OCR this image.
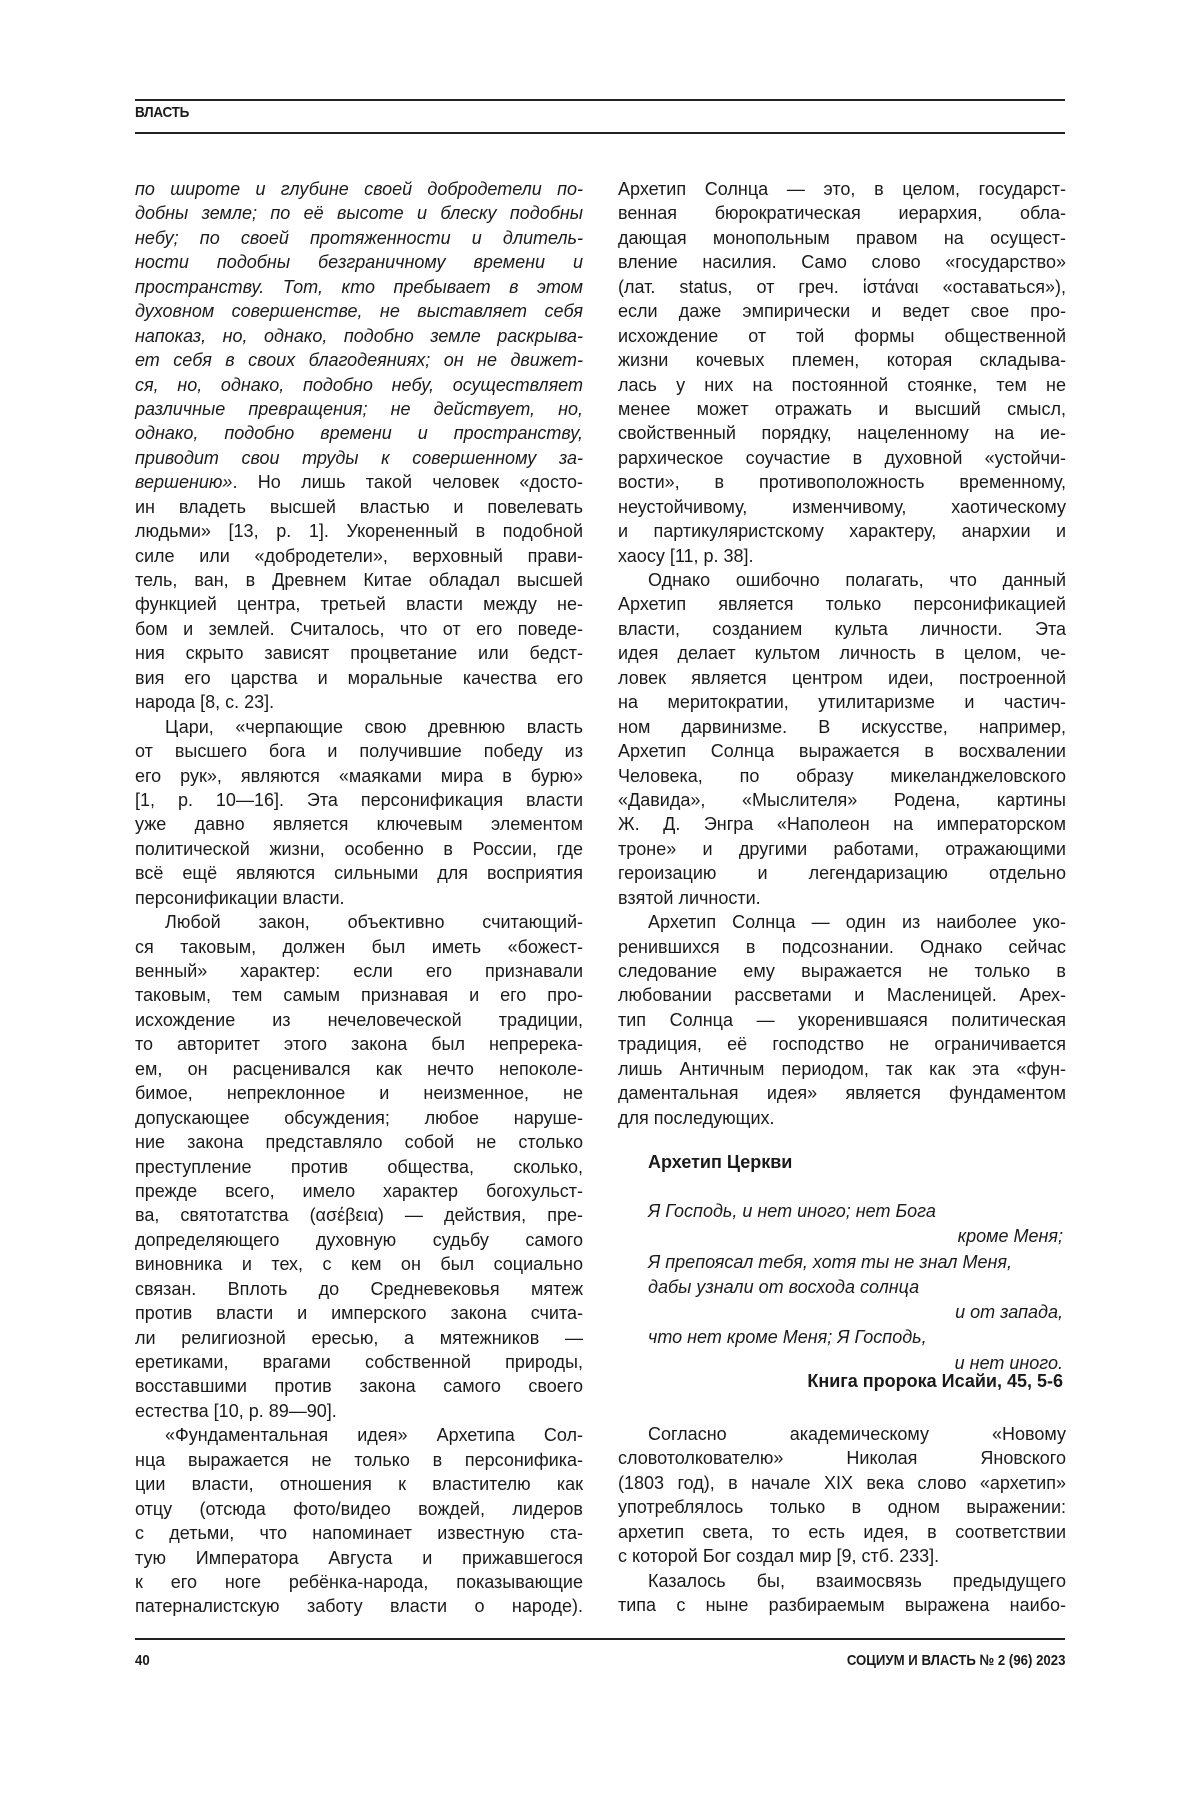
ВЛАСТЬ
по широте и глубине своей добродетели по-
добны земле; по её высоте и блеску подобны
небу; по своей протяженности и длитель-
ности подобны безграничному времени и
пространству. Тот, кто пребывает в этом
духовном совершенстве, не выставляет себя
напоказ, но, однако, подобно земле раскрыва-
ет себя в своих благодеяниях; он не движет-
ся, но, однако, подобно небу, осуществляет
различные превращения; не действует, но,
однако, подобно времени и пространству,
приводит свои труды к совершенному за-
вершению». Но лишь такой человек «досто-
ин владеть высшей властью и повелевать
людьми» [13, p. 1]. Укорененный в подобной
силе или «добродетели», верховный прави-
тель, ван, в Древнем Китае обладал высшей
функцией центра, третьей власти между не-
бом и землей. Считалось, что от его поведе-
ния скрыто зависят процветание или бедст-
вия его царства и моральные качества его
народа [8, с. 23].
Цари, «черпающие свою древнюю власть
от высшего бога и получившие победу из
его рук», являются «маяками мира в бурю»
[1, p. 10—16]. Эта персонификация власти
уже давно является ключевым элементом
политической жизни, особенно в России, где
всё ещё являются сильными для восприятия
персонификации власти.
Любой закон, объективно считающий-
ся таковым, должен был иметь «божест-
венный» характер: если его признавали
таковым, тем самым признавая и его про-
исхождение из нечеловеческой традиции,
то авторитет этого закона был непререка-
ем, он расценивался как нечто непоколе-
бимое, непреклонное и неизменное, не
допускающее обсуждения; любое наруше-
ние закона представляло собой не столько
преступление против общества, сколько,
прежде всего, имело характер богохульст-
ва, святотатства (ασέβεια) — действия, пре-
допределяющего духовную судьбу самого
виновника и тех, с кем он был социально
связан. Вплоть до Средневековья мятеж
против власти и имперского закона счита-
ли религиозной ересью, а мятежников —
еретиками, врагами собственной природы,
восставшими против закона самого своего
естества [10, p. 89—90].
«Фундаментальная идея» Архетипа Сол-
нца выражается не только в персонифика-
ции власти, отношения к властителю как
отцу (отсюда фото/видео вождей, лидеров
с детьми, что напоминает известную ста-
тую Императора Августа и прижавшегося
к его ноге ребёнка-народа, показывающие
патерналистскую заботу власти о народе).
Архетип Солнца — это, в целом, государст-
венная бюрократическая иерархия, обла-
дающая монопольным правом на осущест-
вление насилия. Само слово «государство»
(лат. status, от греч. ἱστάναι «оставаться»),
если даже эмпирически и ведет свое про-
исхождение от той формы общественной
жизни кочевых племен, которая складыва-
лась у них на постоянной стоянке, тем не
менее может отражать и высший смысл,
свойственный порядку, нацеленному на ие-
рархическое соучастие в духовной «устойчи-
вости», в противоположность временному,
неустойчивому, изменчивому, хаотическому
и партикуляристскому характеру, анархии и
хаосу [11, p. 38].
Однако ошибочно полагать, что данный
Архетип является только персонификацией
власти, созданием культа личности. Эта
идея делает культом личность в целом, че-
ловек является центром идеи, построенной
на меритократии, утилитаризме и частич-
ном дарвинизме. В искусстве, например,
Архетип Солнца выражается в восхвалении
Человека, по образу микеланджеловского
«Давида», «Мыслителя» Родена, картины
Ж. Д. Энгра «Наполеон на императорском
троне» и другими работами, отражающими
героизацию и легендаризацию отдельно
взятой личности.
Архетип Солнца — один из наиболее уко-
ренившихся в подсознании. Однако сейчас
следование ему выражается не только в
любовании рассветами и Масленицей. Арех-
тип Солнца — укоренившаяся политическая
традиция, её господство не ограничивается
лишь Античным периодом, так как эта «фун-
даментальная идея» является фундаментом
для последующих.
Архетип Церкви
Я Господь, и нет иного; нет Бога
кроме Меня;
Я препоясал тебя, хотя ты не знал Меня,
дабы узнали от восхода солнца
и от запада,
что нет кроме Меня; Я Господь,
и нет иного.
Книга пророка Исайи, 45, 5-6
Согласно академическому «Новому
словотолкователю» Николая Яновского
(1803 год), в начале XIX века слово «архетип»
употреблялось только в одном выражении:
архетип света, то есть идея, в соответствии
с которой Бог создал мир [9, стб. 233].
Казалось бы, взаимосвязь предыдущего
типа с ныне разбираемым выражена наибо-
40	СОЦИУМ И ВЛАСТЬ № 2 (96) 2023
